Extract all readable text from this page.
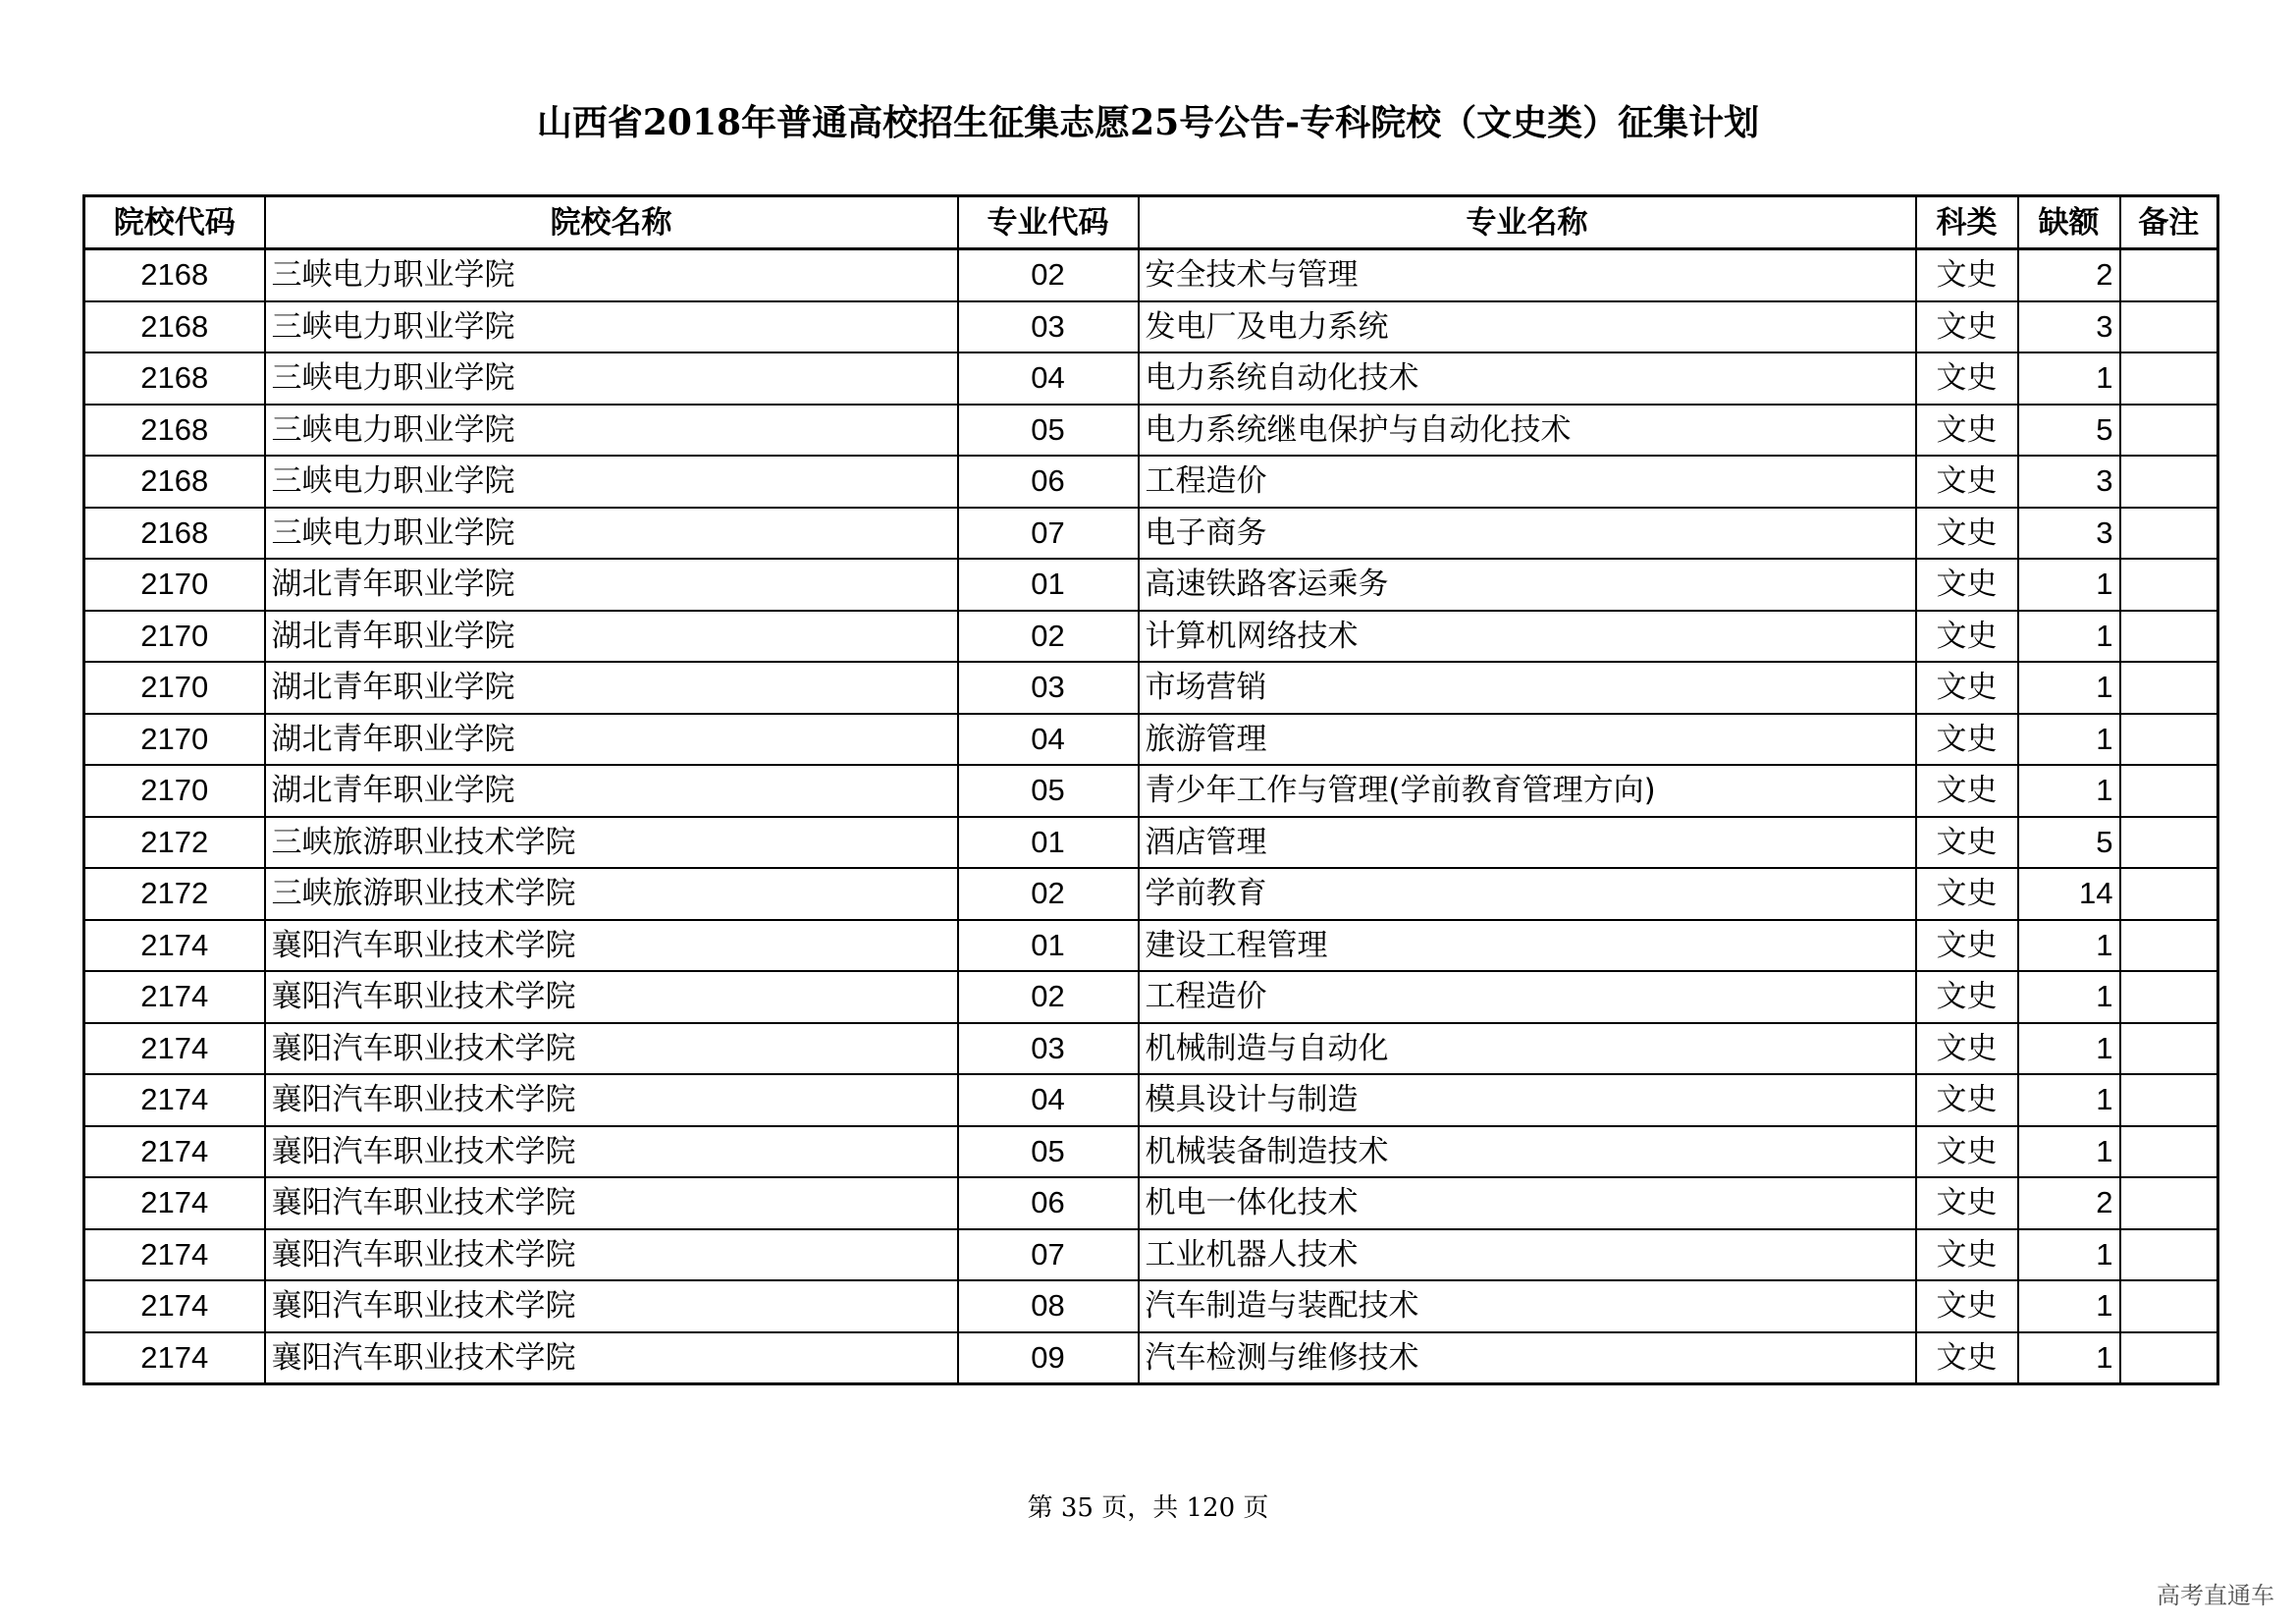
山西省2018年普通高校招生征集志愿25号公告-专科院校（文史类）征集计划
院校代码	院校名称	专业代码	专业名称	科类	缺额	备注
2168	三峡电力职业学院	02	安全技术与管理	文史	2	
2168	三峡电力职业学院	03	发电厂及电力系统	文史	3	
2168	三峡电力职业学院	04	电力系统自动化技术	文史	1	
2168	三峡电力职业学院	05	电力系统继电保护与自动化技术	文史	5	
2168	三峡电力职业学院	06	工程造价	文史	3	
2168	三峡电力职业学院	07	电子商务	文史	3	
2170	湖北青年职业学院	01	高速铁路客运乘务	文史	1	
2170	湖北青年职业学院	02	计算机网络技术	文史	1	
2170	湖北青年职业学院	03	市场营销	文史	1	
2170	湖北青年职业学院	04	旅游管理	文史	1	
2170	湖北青年职业学院	05	青少年工作与管理(学前教育管理方向)	文史	1	
2172	三峡旅游职业技术学院	01	酒店管理	文史	5	
2172	三峡旅游职业技术学院	02	学前教育	文史	14	
2174	襄阳汽车职业技术学院	01	建设工程管理	文史	1	
2174	襄阳汽车职业技术学院	02	工程造价	文史	1	
2174	襄阳汽车职业技术学院	03	机械制造与自动化	文史	1	
2174	襄阳汽车职业技术学院	04	模具设计与制造	文史	1	
2174	襄阳汽车职业技术学院	05	机械装备制造技术	文史	1	
2174	襄阳汽车职业技术学院	06	机电一体化技术	文史	2	
2174	襄阳汽车职业技术学院	07	工业机器人技术	文史	1	
2174	襄阳汽车职业技术学院	08	汽车制造与装配技术	文史	1	
2174	襄阳汽车职业技术学院	09	汽车检测与维修技术	文史	1	
第 35 页，共 120 页
高考直通车
